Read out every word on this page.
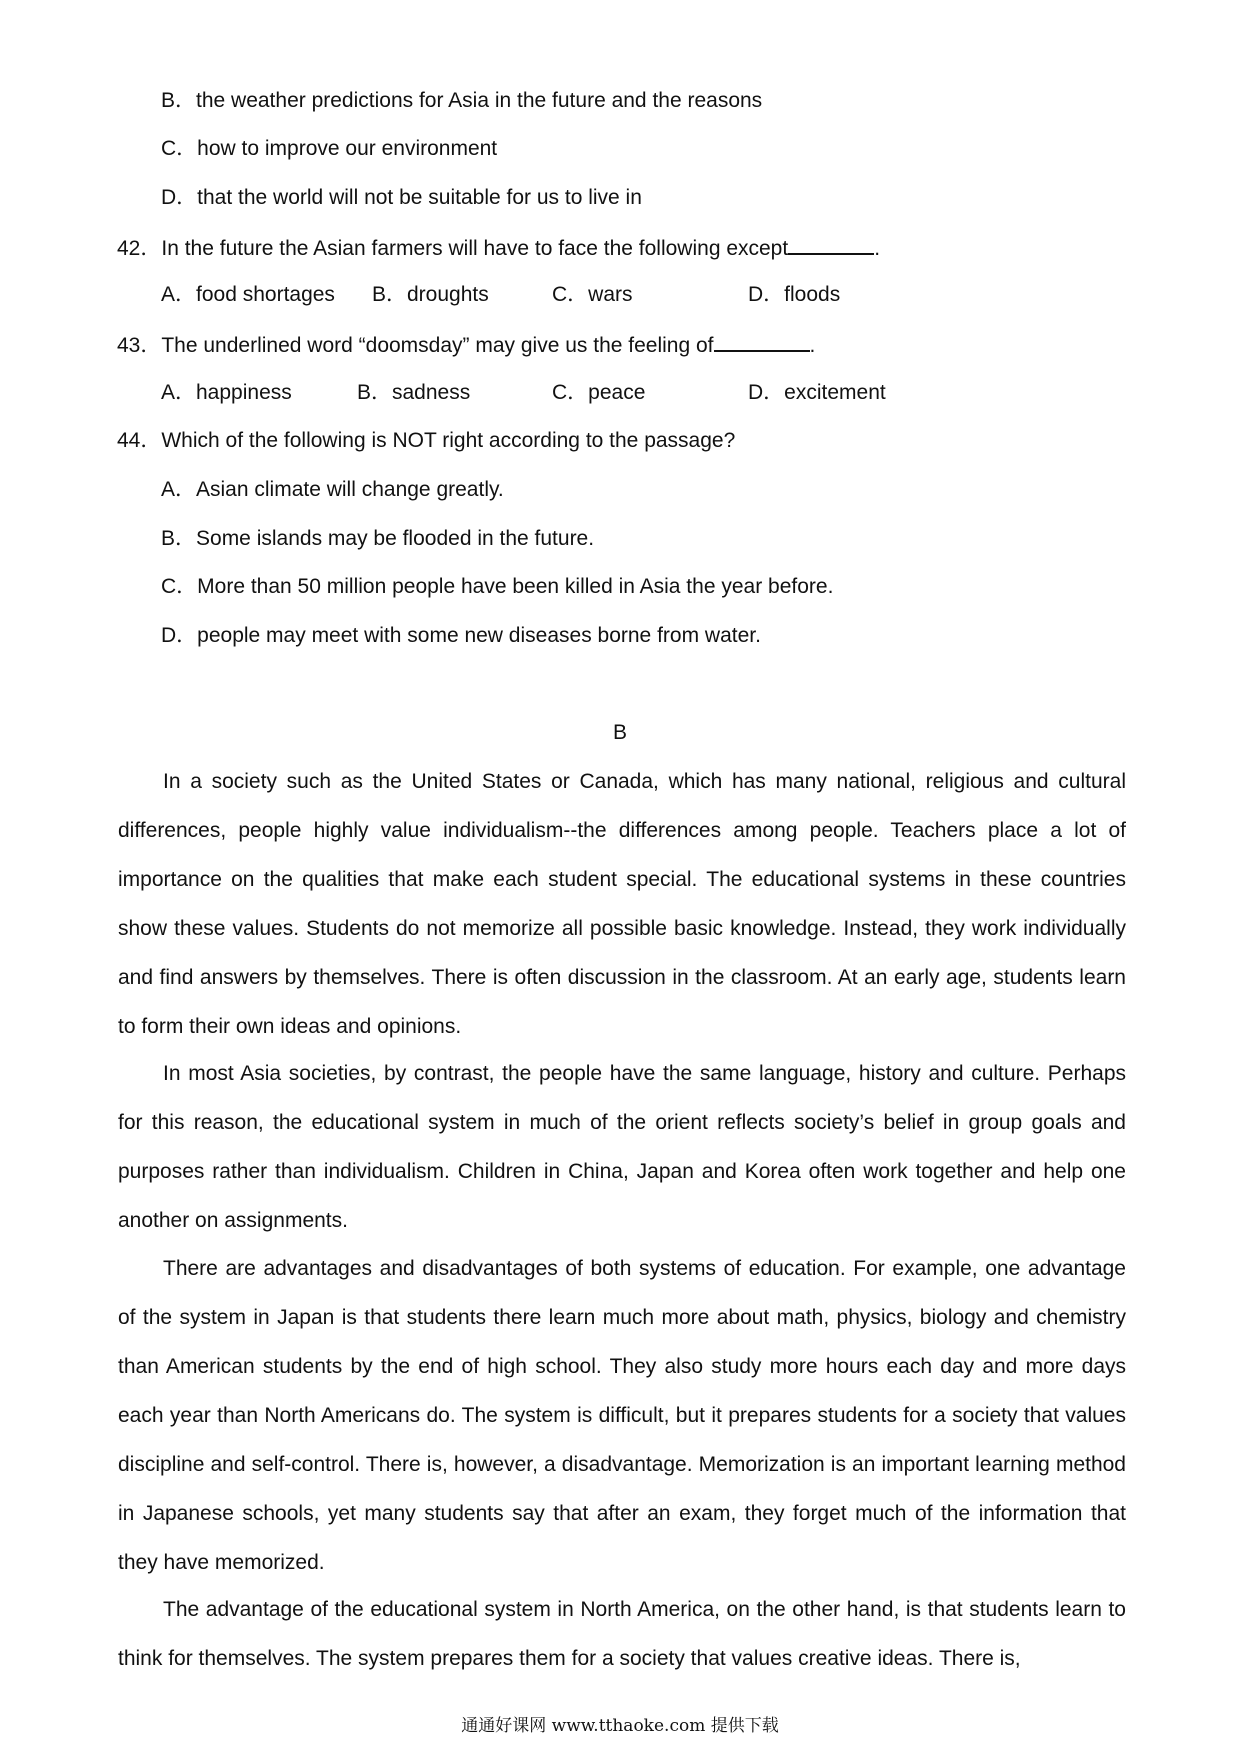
B．the weather predictions for Asia in the future and the reasons
C．how to improve our environment
D．that the world will not be suitable for us to live in
42．In the future the Asian farmers will have to face the following except	.
A．food shortages B．droughts	C．wars	D．floods
43．The underlined word “doomsday” may give us the feeling of	.
A．happiness	B．sadness	C．peace	D．excitement
44．Which of the following is NOT right according to the passage?
A．Asian climate will change greatly.
B．Some islands may be flooded in the future.
C．More than 50 million people have been killed in Asia the year before.
D．people may meet with some new diseases borne from water.
B
In a society such as the United States or Canada, which has many national, religious and cultural differences, people highly value individualism--the differences among people. Teachers place a lot of importance on the qualities that make each student special. The educational systems in these countries show these values. Students do not memorize all possible basic knowledge. Instead, they work individually and find answers by themselves. There is often discussion in the classroom. At an early age, students learn to form their own ideas and opinions.
In most Asia societies, by contrast, the people have the same language, history and culture. Perhaps for this reason, the educational system in much of the orient reflects society’s belief in group goals and purposes rather than individualism. Children in China, Japan and Korea often work together and help one another on assignments.
There are advantages and disadvantages of both systems of education. For example, one advantage of the system in Japan is that students there learn much more about math, physics, biology and chemistry than American students by the end of high school. They also study more hours each day and more days each year than North Americans do. The system is difficult, but it prepares students for a society that values discipline and self-control. There is, however, a disadvantage. Memorization is an important learning method in Japanese schools, yet many students say that after an exam, they forget much of the information that they have memorized.
The advantage of the educational system in North America, on the other hand, is that students learn to think for themselves. The system prepares them for a society that values creative ideas. There is,
通通好课网 www.tthaoke.com 提供下载
